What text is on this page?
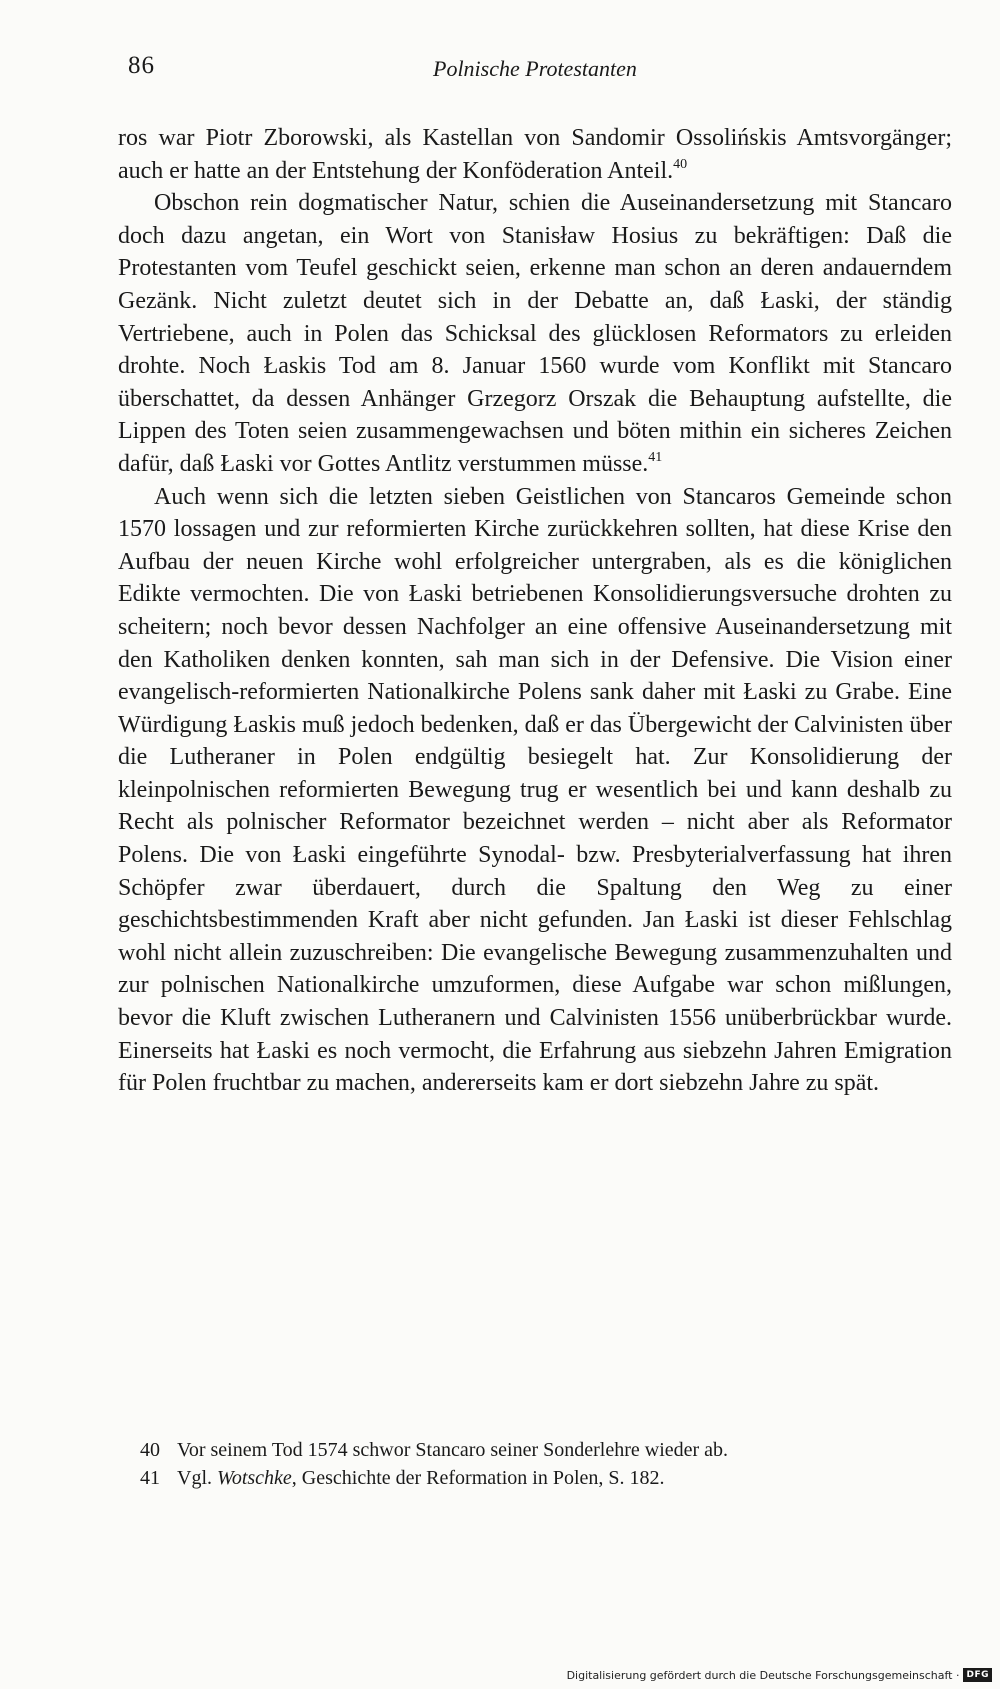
86	Polnische Protestanten

ros war Piotr Zborowski, als Kastellan von Sandomir Ossolińskis Amtsvorgänger; auch er hatte an der Entstehung der Konföderation Anteil.$^{40}$

Obschon rein dogmatischer Natur, schien die Auseinandersetzung mit Stancaro doch dazu angetan, ein Wort von Stanisław Hosius zu bekräftigen: Daß die Protestanten vom Teufel geschickt seien, erkenne man schon an deren andauerndem Gezänk. Nicht zuletzt deutet sich in der Debatte an, daß Łaski, der ständig Vertriebene, auch in Polen das Schicksal des glücklosen Reformators zu erleiden drohte. Noch Łaskis Tod am 8. Januar 1560 wurde vom Konflikt mit Stancaro überschattet, da dessen Anhänger Grzegorz Orszak die Behauptung aufstellte, die Lippen des Toten seien zusammengewachsen und böten mithin ein sicheres Zeichen dafür, daß Łaski vor Gottes Antlitz verstummen müsse.$^{41}$

Auch wenn sich die letzten sieben Geistlichen von Stancaros Gemeinde schon 1570 lossagen und zur reformierten Kirche zurückkehren sollten, hat diese Krise den Aufbau der neuen Kirche wohl erfolgreicher untergraben, als es die königlichen Edikte vermochten. Die von Łaski betriebenen Konsolidierungsversuche drohten zu scheitern; noch bevor dessen Nachfolger an eine offensive Auseinandersetzung mit den Katholiken denken konnten, sah man sich in der Defensive. Die Vision einer evangelisch-reformierten Nationalkirche Polens sank daher mit Łaski zu Grabe. Eine Würdigung Łaskis muß jedoch bedenken, daß er das Übergewicht der Calvinisten über die Lutheraner in Polen endgültig besiegelt hat. Zur Konsolidierung der kleinpolnischen reformierten Bewegung trug er wesentlich bei und kann deshalb zu Recht als polnischer Reformator bezeichnet werden – nicht aber als Reformator Polens. Die von Łaski eingeführte Synodal- bzw. Presbyterialverfassung hat ihren Schöpfer zwar überdauert, durch die Spaltung den Weg zu einer geschichtsbestimmenden Kraft aber nicht gefunden. Jan Łaski ist dieser Fehlschlag wohl nicht allein zuzuschreiben: Die evangelische Bewegung zusammenzuhalten und zur polnischen Nationalkirche umzuformen, diese Aufgabe war schon mißlungen, bevor die Kluft zwischen Lutheranern und Calvinisten 1556 unüberbrückbar wurde. Einerseits hat Łaski es noch vermocht, die Erfahrung aus siebzehn Jahren Emigration für Polen fruchtbar zu machen, andererseits kam er dort siebzehn Jahre zu spät.

40 Vor seinem Tod 1574 schwor Stancaro seiner Sonderlehre wieder ab.
41 Vgl. Wotschke, Geschichte der Reformation in Polen, S. 182.
Digitalisierung gefördert durch die Deutsche Forschungsgemeinschaft · DFG
